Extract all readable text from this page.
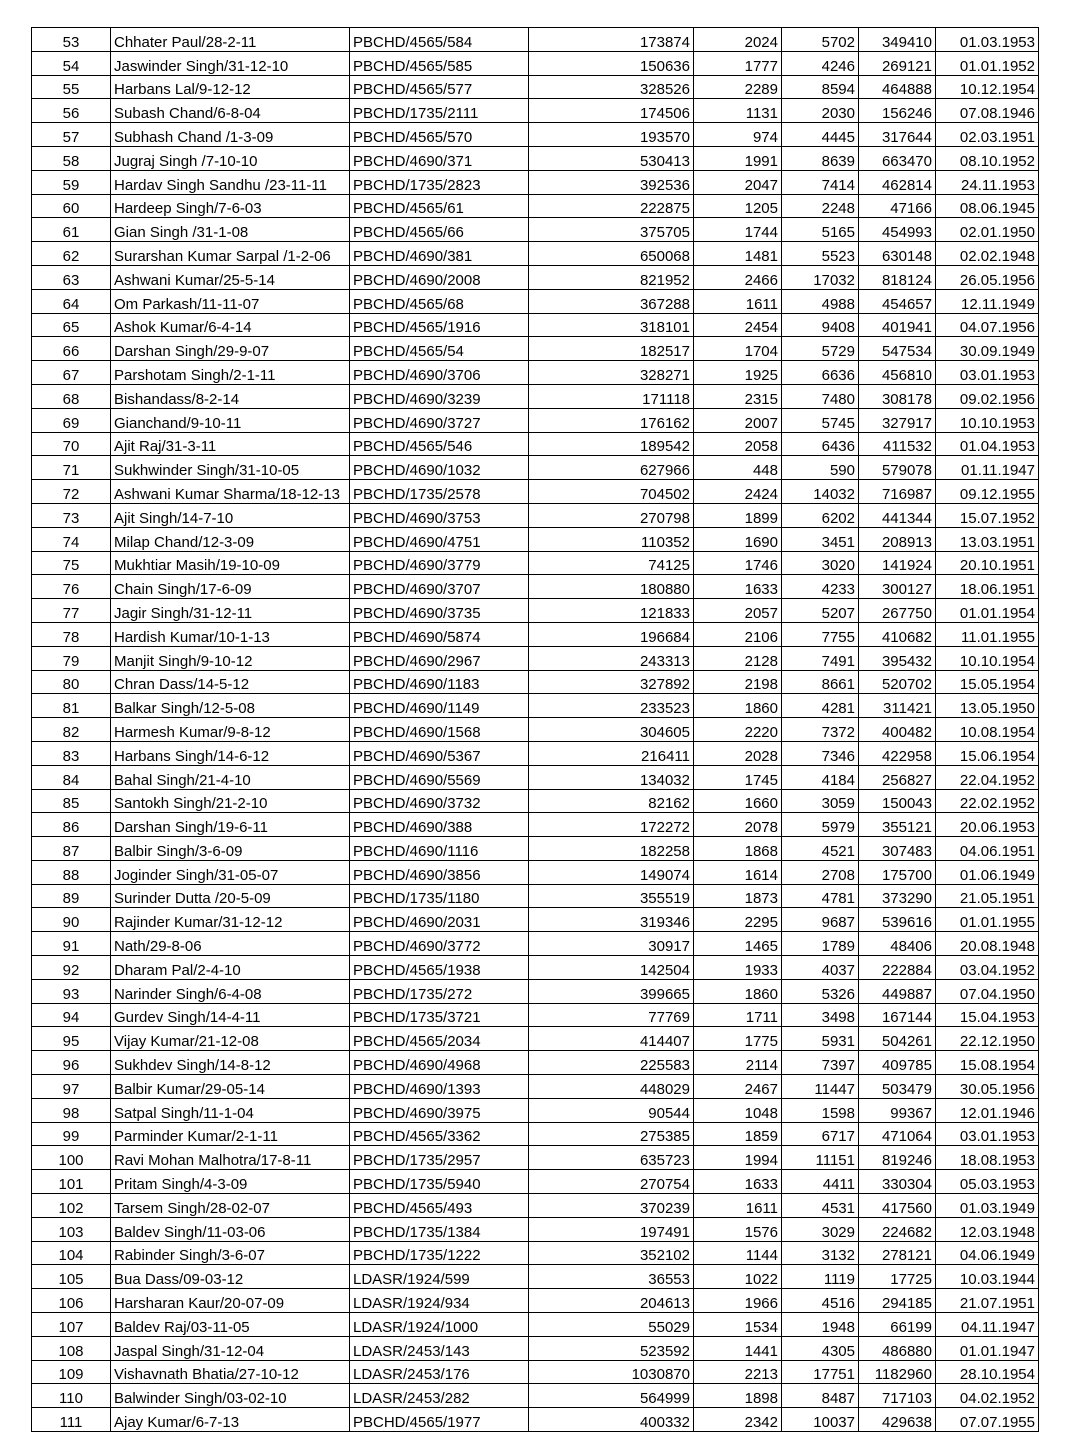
53	Chhater Paul/28-2-11	PBCHD/4565/584	173874	2024	5702	349410	01.03.1953
54	Jaswinder Singh/31-12-10	PBCHD/4565/585	150636	1777	4246	269121	01.01.1952
55	Harbans Lal/9-12-12	PBCHD/4565/577	328526	2289	8594	464888	10.12.1954
56	Subash Chand/6-8-04	PBCHD/1735/2111	174506	1131	2030	156246	07.08.1946
57	Subhash Chand /1-3-09	PBCHD/4565/570	193570	974	4445	317644	02.03.1951
58	Jugraj Singh /7-10-10	PBCHD/4690/371	530413	1991	8639	663470	08.10.1952
59	Hardav Singh Sandhu /23-11-11	PBCHD/1735/2823	392536	2047	7414	462814	24.11.1953
60	Hardeep Singh/7-6-03	PBCHD/4565/61	222875	1205	2248	47166	08.06.1945
61	Gian Singh /31-1-08	PBCHD/4565/66	375705	1744	5165	454993	02.01.1950
62	Surarshan Kumar Sarpal /1-2-06	PBCHD/4690/381	650068	1481	5523	630148	02.02.1948
63	Ashwani Kumar/25-5-14	PBCHD/4690/2008	821952	2466	17032	818124	26.05.1956
64	Om Parkash/11-11-07	PBCHD/4565/68	367288	1611	4988	454657	12.11.1949
65	Ashok Kumar/6-4-14	PBCHD/4565/1916	318101	2454	9408	401941	04.07.1956
66	Darshan Singh/29-9-07	PBCHD/4565/54	182517	1704	5729	547534	30.09.1949
67	Parshotam Singh/2-1-11	PBCHD/4690/3706	328271	1925	6636	456810	03.01.1953
68	Bishandass/8-2-14	PBCHD/4690/3239	171118	2315	7480	308178	09.02.1956
69	Gianchand/9-10-11	PBCHD/4690/3727	176162	2007	5745	327917	10.10.1953
70	Ajit Raj/31-3-11	PBCHD/4565/546	189542	2058	6436	411532	01.04.1953
71	Sukhwinder Singh/31-10-05	PBCHD/4690/1032	627966	448	590	579078	01.11.1947
72	Ashwani Kumar Sharma/18-12-13	PBCHD/1735/2578	704502	2424	14032	716987	09.12.1955
73	Ajit Singh/14-7-10	PBCHD/4690/3753	270798	1899	6202	441344	15.07.1952
74	Milap Chand/12-3-09	PBCHD/4690/4751	110352	1690	3451	208913	13.03.1951
75	Mukhtiar Masih/19-10-09	PBCHD/4690/3779	74125	1746	3020	141924	20.10.1951
76	Chain Singh/17-6-09	PBCHD/4690/3707	180880	1633	4233	300127	18.06.1951
77	Jagir Singh/31-12-11	PBCHD/4690/3735	121833	2057	5207	267750	01.01.1954
78	Hardish Kumar/10-1-13	PBCHD/4690/5874	196684	2106	7755	410682	11.01.1955
79	Manjit Singh/9-10-12	PBCHD/4690/2967	243313	2128	7491	395432	10.10.1954
80	Chran Dass/14-5-12	PBCHD/4690/1183	327892	2198	8661	520702	15.05.1954
81	Balkar Singh/12-5-08	PBCHD/4690/1149	233523	1860	4281	311421	13.05.1950
82	Harmesh Kumar/9-8-12	PBCHD/4690/1568	304605	2220	7372	400482	10.08.1954
83	Harbans Singh/14-6-12	PBCHD/4690/5367	216411	2028	7346	422958	15.06.1954
84	Bahal Singh/21-4-10	PBCHD/4690/5569	134032	1745	4184	256827	22.04.1952
85	Santokh Singh/21-2-10	PBCHD/4690/3732	82162	1660	3059	150043	22.02.1952
86	Darshan Singh/19-6-11	PBCHD/4690/388	172272	2078	5979	355121	20.06.1953
87	Balbir Singh/3-6-09	PBCHD/4690/1116	182258	1868	4521	307483	04.06.1951
88	Joginder Singh/31-05-07	PBCHD/4690/3856	149074	1614	2708	175700	01.06.1949
89	Surinder Dutta /20-5-09	PBCHD/1735/1180	355519	1873	4781	373290	21.05.1951
90	Rajinder Kumar/31-12-12	PBCHD/4690/2031	319346	2295	9687	539616	01.01.1955
91	Nath/29-8-06	PBCHD/4690/3772	30917	1465	1789	48406	20.08.1948
92	Dharam Pal/2-4-10	PBCHD/4565/1938	142504	1933	4037	222884	03.04.1952
93	Narinder Singh/6-4-08	PBCHD/1735/272	399665	1860	5326	449887	07.04.1950
94	Gurdev Singh/14-4-11	PBCHD/1735/3721	77769	1711	3498	167144	15.04.1953
95	Vijay Kumar/21-12-08	PBCHD/4565/2034	414407	1775	5931	504261	22.12.1950
96	Sukhdev Singh/14-8-12	PBCHD/4690/4968	225583	2114	7397	409785	15.08.1954
97	Balbir Kumar/29-05-14	PBCHD/4690/1393	448029	2467	11447	503479	30.05.1956
98	Satpal Singh/11-1-04	PBCHD/4690/3975	90544	1048	1598	99367	12.01.1946
99	Parminder Kumar/2-1-11	PBCHD/4565/3362	275385	1859	6717	471064	03.01.1953
100	Ravi Mohan Malhotra/17-8-11	PBCHD/1735/2957	635723	1994	11151	819246	18.08.1953
101	Pritam Singh/4-3-09	PBCHD/1735/5940	270754	1633	4411	330304	05.03.1953
102	Tarsem Singh/28-02-07	PBCHD/4565/493	370239	1611	4531	417560	01.03.1949
103	Baldev Singh/11-03-06	PBCHD/1735/1384	197491	1576	3029	224682	12.03.1948
104	Rabinder Singh/3-6-07	PBCHD/1735/1222	352102	1144	3132	278121	04.06.1949
105	Bua Dass/09-03-12	LDASR/1924/599	36553	1022	1119	17725	10.03.1944
106	Harsharan Kaur/20-07-09	LDASR/1924/934	204613	1966	4516	294185	21.07.1951
107	Baldev Raj/03-11-05	LDASR/1924/1000	55029	1534	1948	66199	04.11.1947
108	Jaspal Singh/31-12-04	LDASR/2453/143	523592	1441	4305	486880	01.01.1947
109	Vishavnath Bhatia/27-10-12	LDASR/2453/176	1030870	2213	17751	1182960	28.10.1954
110	Balwinder Singh/03-02-10	LDASR/2453/282	564999	1898	8487	717103	04.02.1952
111	Ajay Kumar/6-7-13	PBCHD/4565/1977	400332	2342	10037	429638	07.07.1955
